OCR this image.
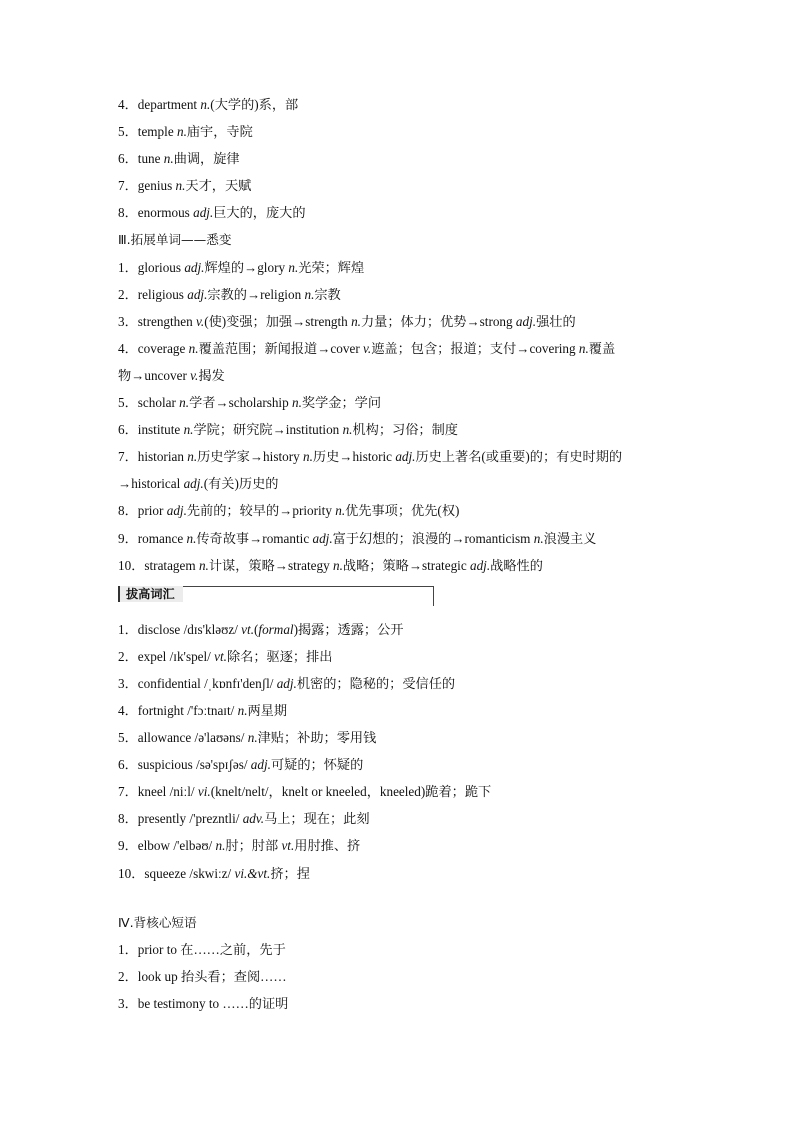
4．department n.(大学的)系，部
5．temple n.庙宇，寺院
6．tune n.曲调，旋律
7．genius n.天才，天赋
8．enormous adj.巨大的，庞大的
Ⅲ.拓展单词——悉变
1．glorious adj.辉煌的→glory n.光荣；辉煌
2．religious adj.宗教的→religion n.宗教
3．strengthen v.(使)变强；加强→strength n.力量；体力；优势→strong adj.强壮的
4．coverage n.覆盖范围；新闻报道→cover v.遮盖；包含；报道；支付→covering n.覆盖
物→uncover v.揭发
5．scholar n.学者→scholarship n.奖学金；学问
6．institute n.学院；研究院→institution n.机构；习俗；制度
7．historian n.历史学家→history n.历史→historic adj.历史上著名(或重要)的；有史时期的
→historical adj.(有关)历史的
8．prior adj.先前的；较早的→priority n.优先事项；优先(权)
9．romance n.传奇故事→romantic adj.富于幻想的；浪漫的→romanticism n.浪漫主义
10．stratagem n.计谋，策略→strategy n.战略；策略→strategic adj.战略性的
拔高词汇
1．disclose /dɪs'kləʊz/ vt.(formal)揭露；透露；公开
2．expel /ɪk'spel/ vt.除名；驱逐；排出
3．confidential /ˌkɒnfɪ'denʃl/ adj.机密的；隐秘的；受信任的
4．fortnight /'fɔːtnaɪt/ n.两星期
5．allowance /ə'laʊəns/ n.津贴；补助；零用钱
6．suspicious /sə'spɪʃəs/ adj.可疑的；怀疑的
7．kneel /niːl/ vi.(knelt/nelt/，knelt or kneeled，kneeled)跪着；跪下
8．presently /'prezntli/ adv.马上；现在；此刻
9．elbow /'elbəʊ/ n.肘；肘部 vt.用肘推、挤
10．squeeze /skwiːz/ vi.&vt.挤；捏
Ⅳ.背核心短语
1．prior to 在……之前，先于
2．look up 抬头看；查阅……
3．be testimony to ……的证明
